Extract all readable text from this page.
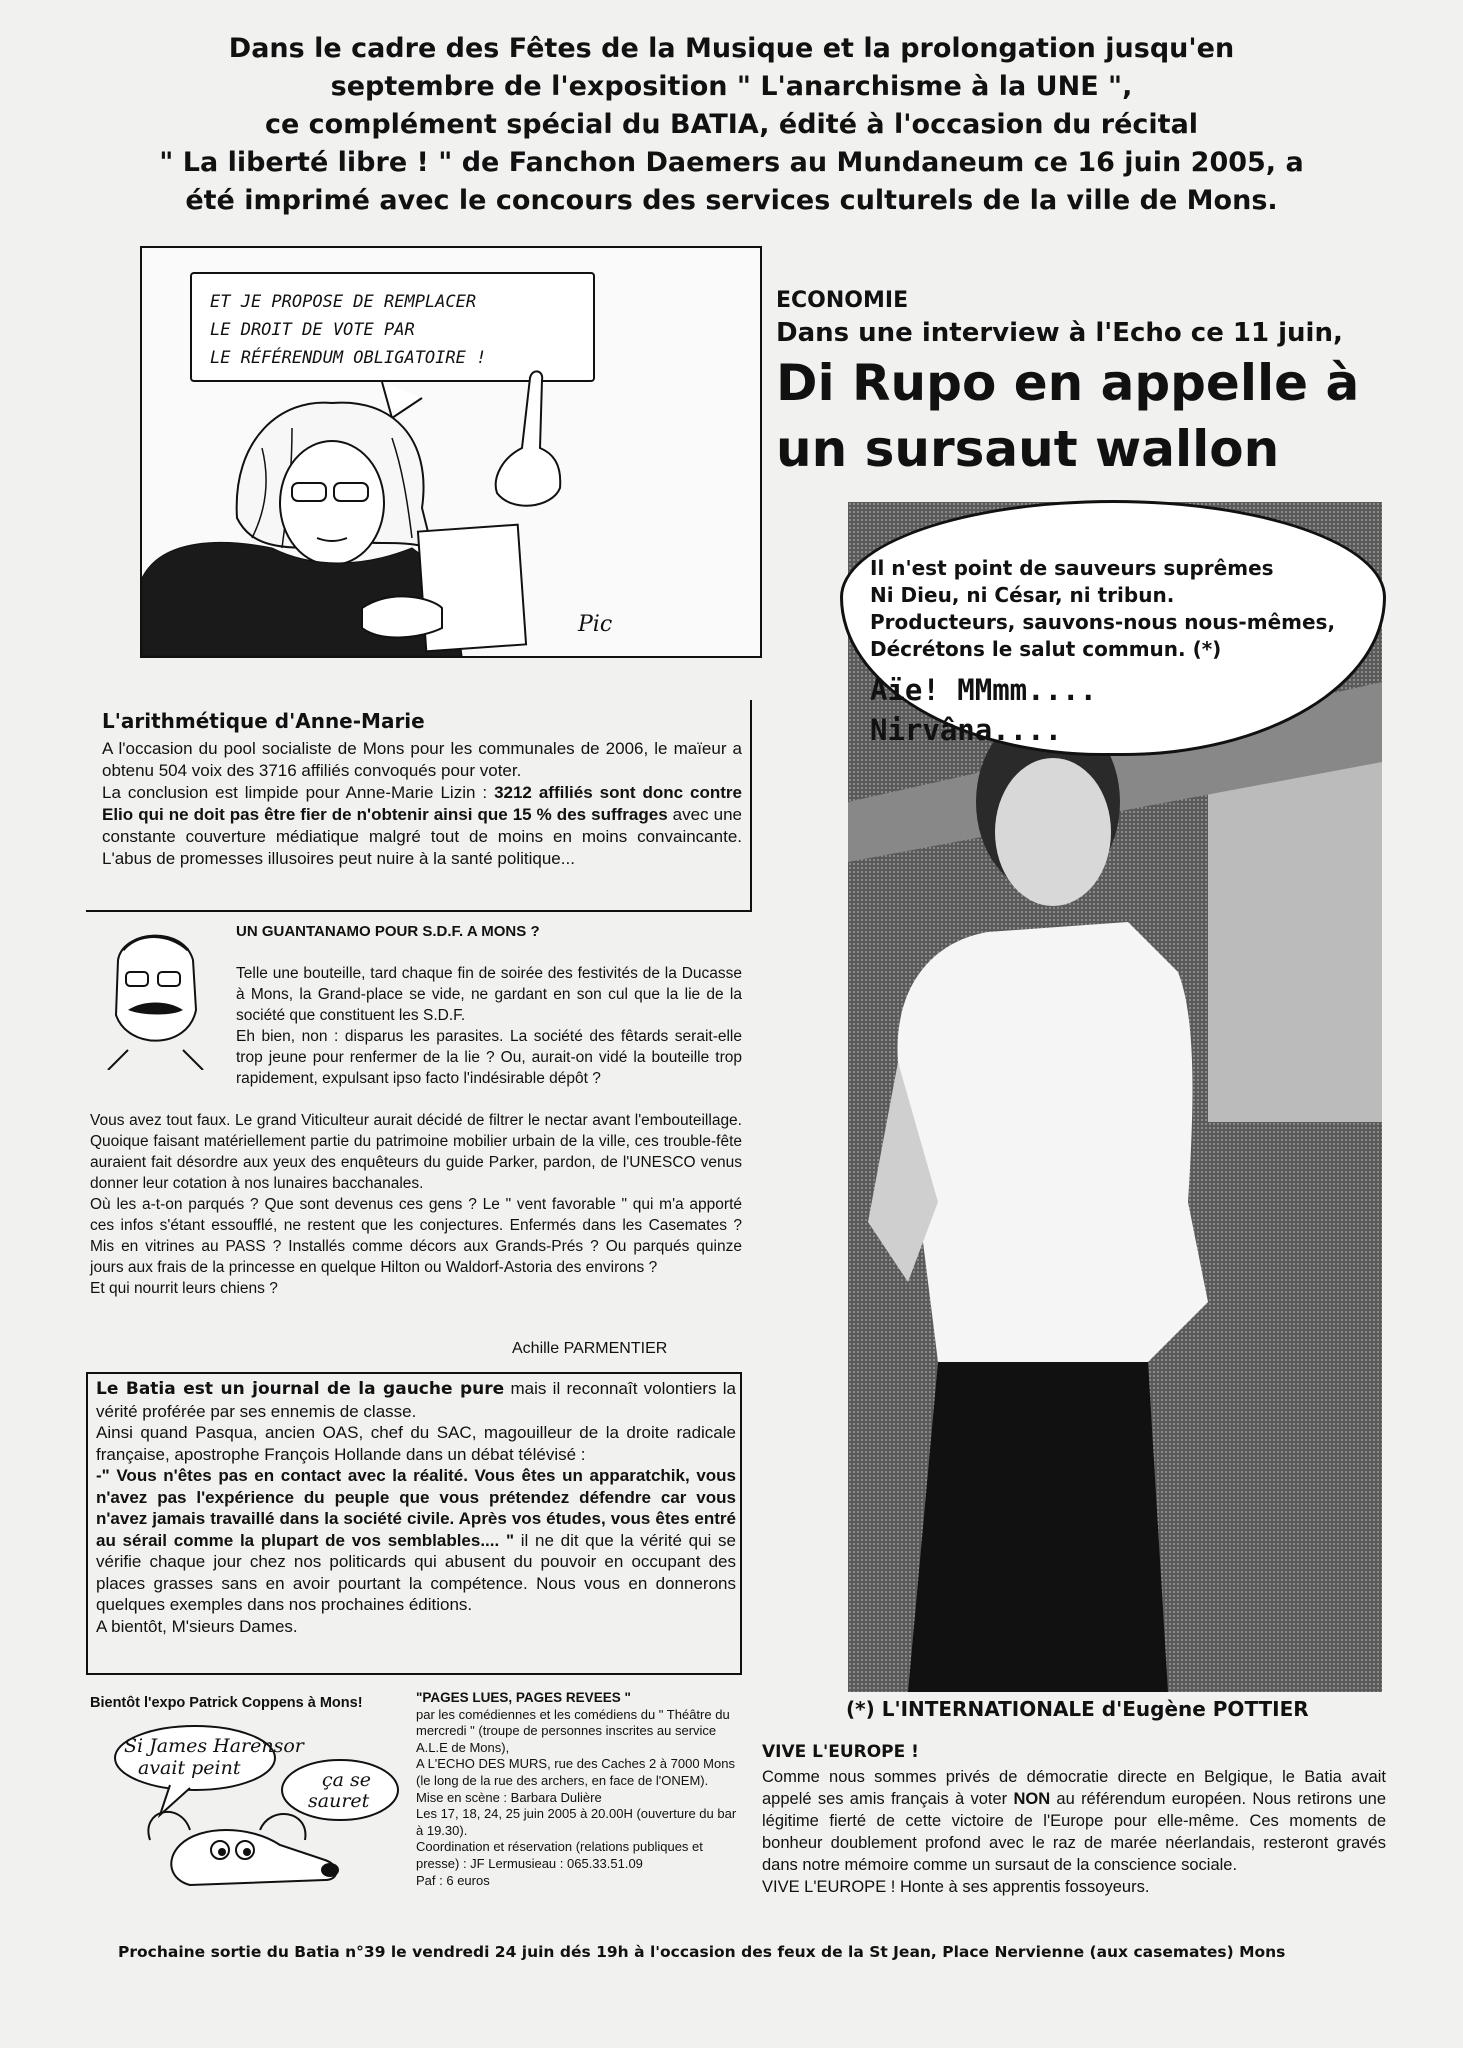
Dans le cadre des Fêtes de la Musique et la prolongation jusqu'en
septembre de l'exposition " L'anarchisme à la UNE ",
ce complément spécial du BATIA, édité à l'occasion du récital
" La liberté libre ! " de Fanchon Daemers au Mundaneum ce 16 juin 2005, a
été imprimé avec le concours des services culturels de la ville de Mons.
ET JE PROPOSE DE REMPLACER
LE DROIT DE VOTE PAR
LE RÉFÉRENDUM OBLIGATOIRE !
Pic
ECONOMIE
Dans une interview à l'Echo ce 11 juin,
Di Rupo en appelle à
un sursaut wallon
Il n'est point de sauveurs suprêmes
Ni Dieu, ni César, ni tribun.
Producteurs, sauvons-nous nous-mêmes,
Décrétons le salut commun. (*)
Aïe! MMmm....
Nirvâna....
(*) L'INTERNATIONALE d'Eugène POTTIER
L'arithmétique d'Anne-Marie
A l'occasion du pool socialiste de Mons pour les communales de 2006, le maïeur a obtenu 504 voix des 3716 affiliés convoqués pour voter.
La conclusion est limpide pour Anne-Marie Lizin : 3212 affiliés sont donc contre Elio qui ne doit pas être fier de n'obtenir ainsi que 15 % des suffrages avec une constante couverture médiatique malgré tout de moins en moins convaincante. L'abus de promesses illusoires peut nuire à la santé politique...
UN GUANTANAMO POUR S.D.F. A MONS ?
Telle une bouteille, tard chaque fin de soirée des festivités de la Ducasse à Mons, la Grand-place se vide, ne gardant en son cul que la lie de la société que constituent les S.D.F.
Eh bien, non : disparus les parasites. La société des fêtards serait-elle trop jeune pour renfermer de la lie ? Ou, aurait-on vidé la bouteille trop rapidement, expulsant ipso facto l'indésirable dépôt ?
Vous avez tout faux. Le grand Viticulteur aurait décidé de filtrer le nectar avant l'embouteillage. Quoique faisant matériellement partie du patrimoine mobilier urbain de la ville, ces trouble-fête auraient fait désordre aux yeux des enquêteurs du guide Parker, pardon, de l'UNESCO venus donner leur cotation à nos lunaires bacchanales.
Où les a-t-on parqués ? Que sont devenus ces gens ? Le " vent favorable " qui m'a apporté ces infos s'étant essoufflé, ne restent que les conjectures. Enfermés dans les Casemates ? Mis en vitrines au PASS ? Installés comme décors aux Grands-Prés ? Ou parqués quinze jours aux frais de la princesse en quelque Hilton ou Waldorf-Astoria des environs ?
Et qui nourrit leurs chiens ?
Achille PARMENTIER
Le Batia est un journal de la gauche pure mais il reconnaît volontiers la vérité proférée par ses ennemis de classe.
Ainsi quand Pasqua, ancien OAS, chef du SAC, magouilleur de la droite radicale française, apostrophe François Hollande dans un débat télévisé :
-" Vous n'êtes pas en contact avec la réalité. Vous êtes un apparatchik, vous n'avez pas l'expérience du peuple que vous prétendez défendre car vous n'avez jamais travaillé dans la société civile. Après vos études, vous êtes entré au sérail comme la plupart de vos semblables.... " il ne dit que la vérité qui se vérifie chaque jour chez nos politicards qui abusent du pouvoir en occupant des places grasses sans en avoir pourtant la compétence. Nous vous en donnerons quelques exemples dans nos prochaines éditions.
A bientôt, M'sieurs Dames.
Bientôt l'expo Patrick Coppens à Mons!
Si James Harensor
avait peint
ça se
sauret
"PAGES LUES, PAGES REVEES "
par les comédiennes et les comédiens du " Théâtre du mercredi " (troupe de personnes inscrites au service A.L.E de Mons),
A L'ECHO DES MURS, rue des Caches 2 à 7000 Mons (le long de la rue des archers, en face de l'ONEM).
Mise en scène : Barbara Dulière
Les 17, 18, 24, 25 juin 2005 à 20.00H (ouverture du bar à 19.30).
Coordination et réservation (relations publiques et presse) : JF Lermusieau : 065.33.51.09
Paf : 6 euros
VIVE L'EUROPE !
Comme nous sommes privés de démocratie directe en Belgique, le Batia avait appelé ses amis français à voter NON au référendum européen. Nous retirons une légitime fierté de cette victoire de l'Europe pour elle-même. Ces moments de bonheur doublement profond avec le raz de marée néerlandais, resteront gravés dans notre mémoire comme un sursaut de la conscience sociale.
VIVE L'EUROPE ! Honte à ses apprentis fossoyeurs.
Prochaine sortie du Batia n°39 le vendredi 24 juin dés 19h à l'occasion des feux de la St Jean, Place Nervienne (aux casemates) Mons
